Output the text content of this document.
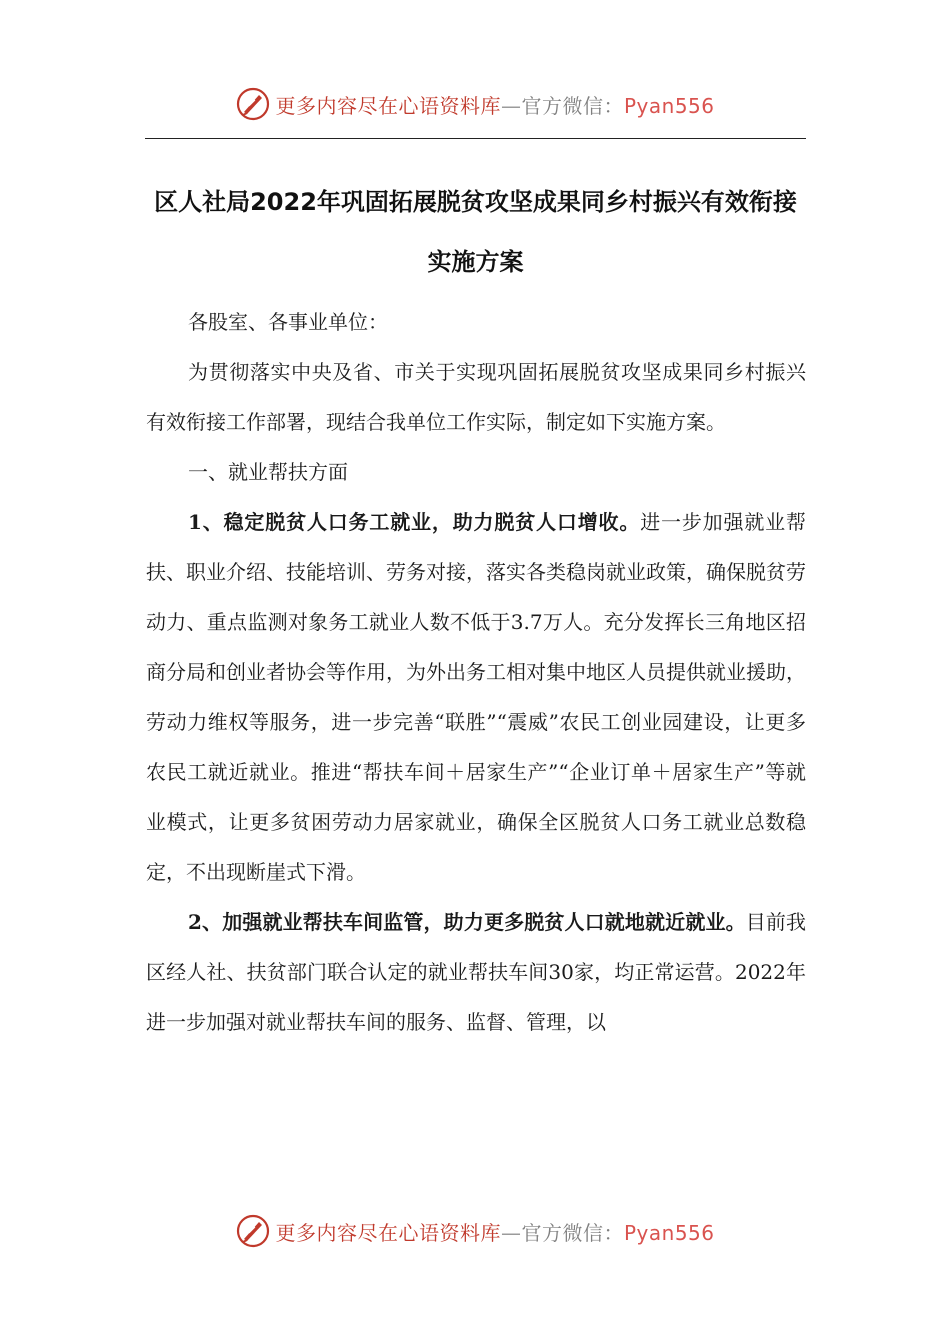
更多内容尽在心语资料库—官方微信：Pyan556
区人社局2022年巩固拓展脱贫攻坚成果同乡村振兴有效衔接实施方案

各股室、各事业单位：

为贯彻落实中央及省、市关于实现巩固拓展脱贫攻坚成果同乡村振兴有效衔接工作部署，现结合我单位工作实际，制定如下实施方案。

一、就业帮扶方面

1、稳定脱贫人口务工就业，助力脱贫人口增收。进一步加强就业帮扶、职业介绍、技能培训、劳务对接，落实各类稳岗就业政策，确保脱贫劳动力、重点监测对象务工就业人数不低于3.7万人。充分发挥长三角地区招商分局和创业者协会等作用，为外出务工相对集中地区人员提供就业援助，劳动力维权等服务，进一步完善“联胜”“震威”农民工创业园建设，让更多农民工就近就业。推进“帮扶车间＋居家生产”“企业订单＋居家生产”等就业模式，让更多贫困劳动力居家就业，确保全区脱贫人口务工就业总数稳定，不出现断崖式下滑。

2、加强就业帮扶车间监管，助力更多脱贫人口就地就近就业。目前我区经人社、扶贫部门联合认定的就业帮扶车间30家，均正常运营。2022年进一步加强对就业帮扶车间的服务、监督、管理，以

更多内容尽在心语资料库—官方微信：Pyan556
